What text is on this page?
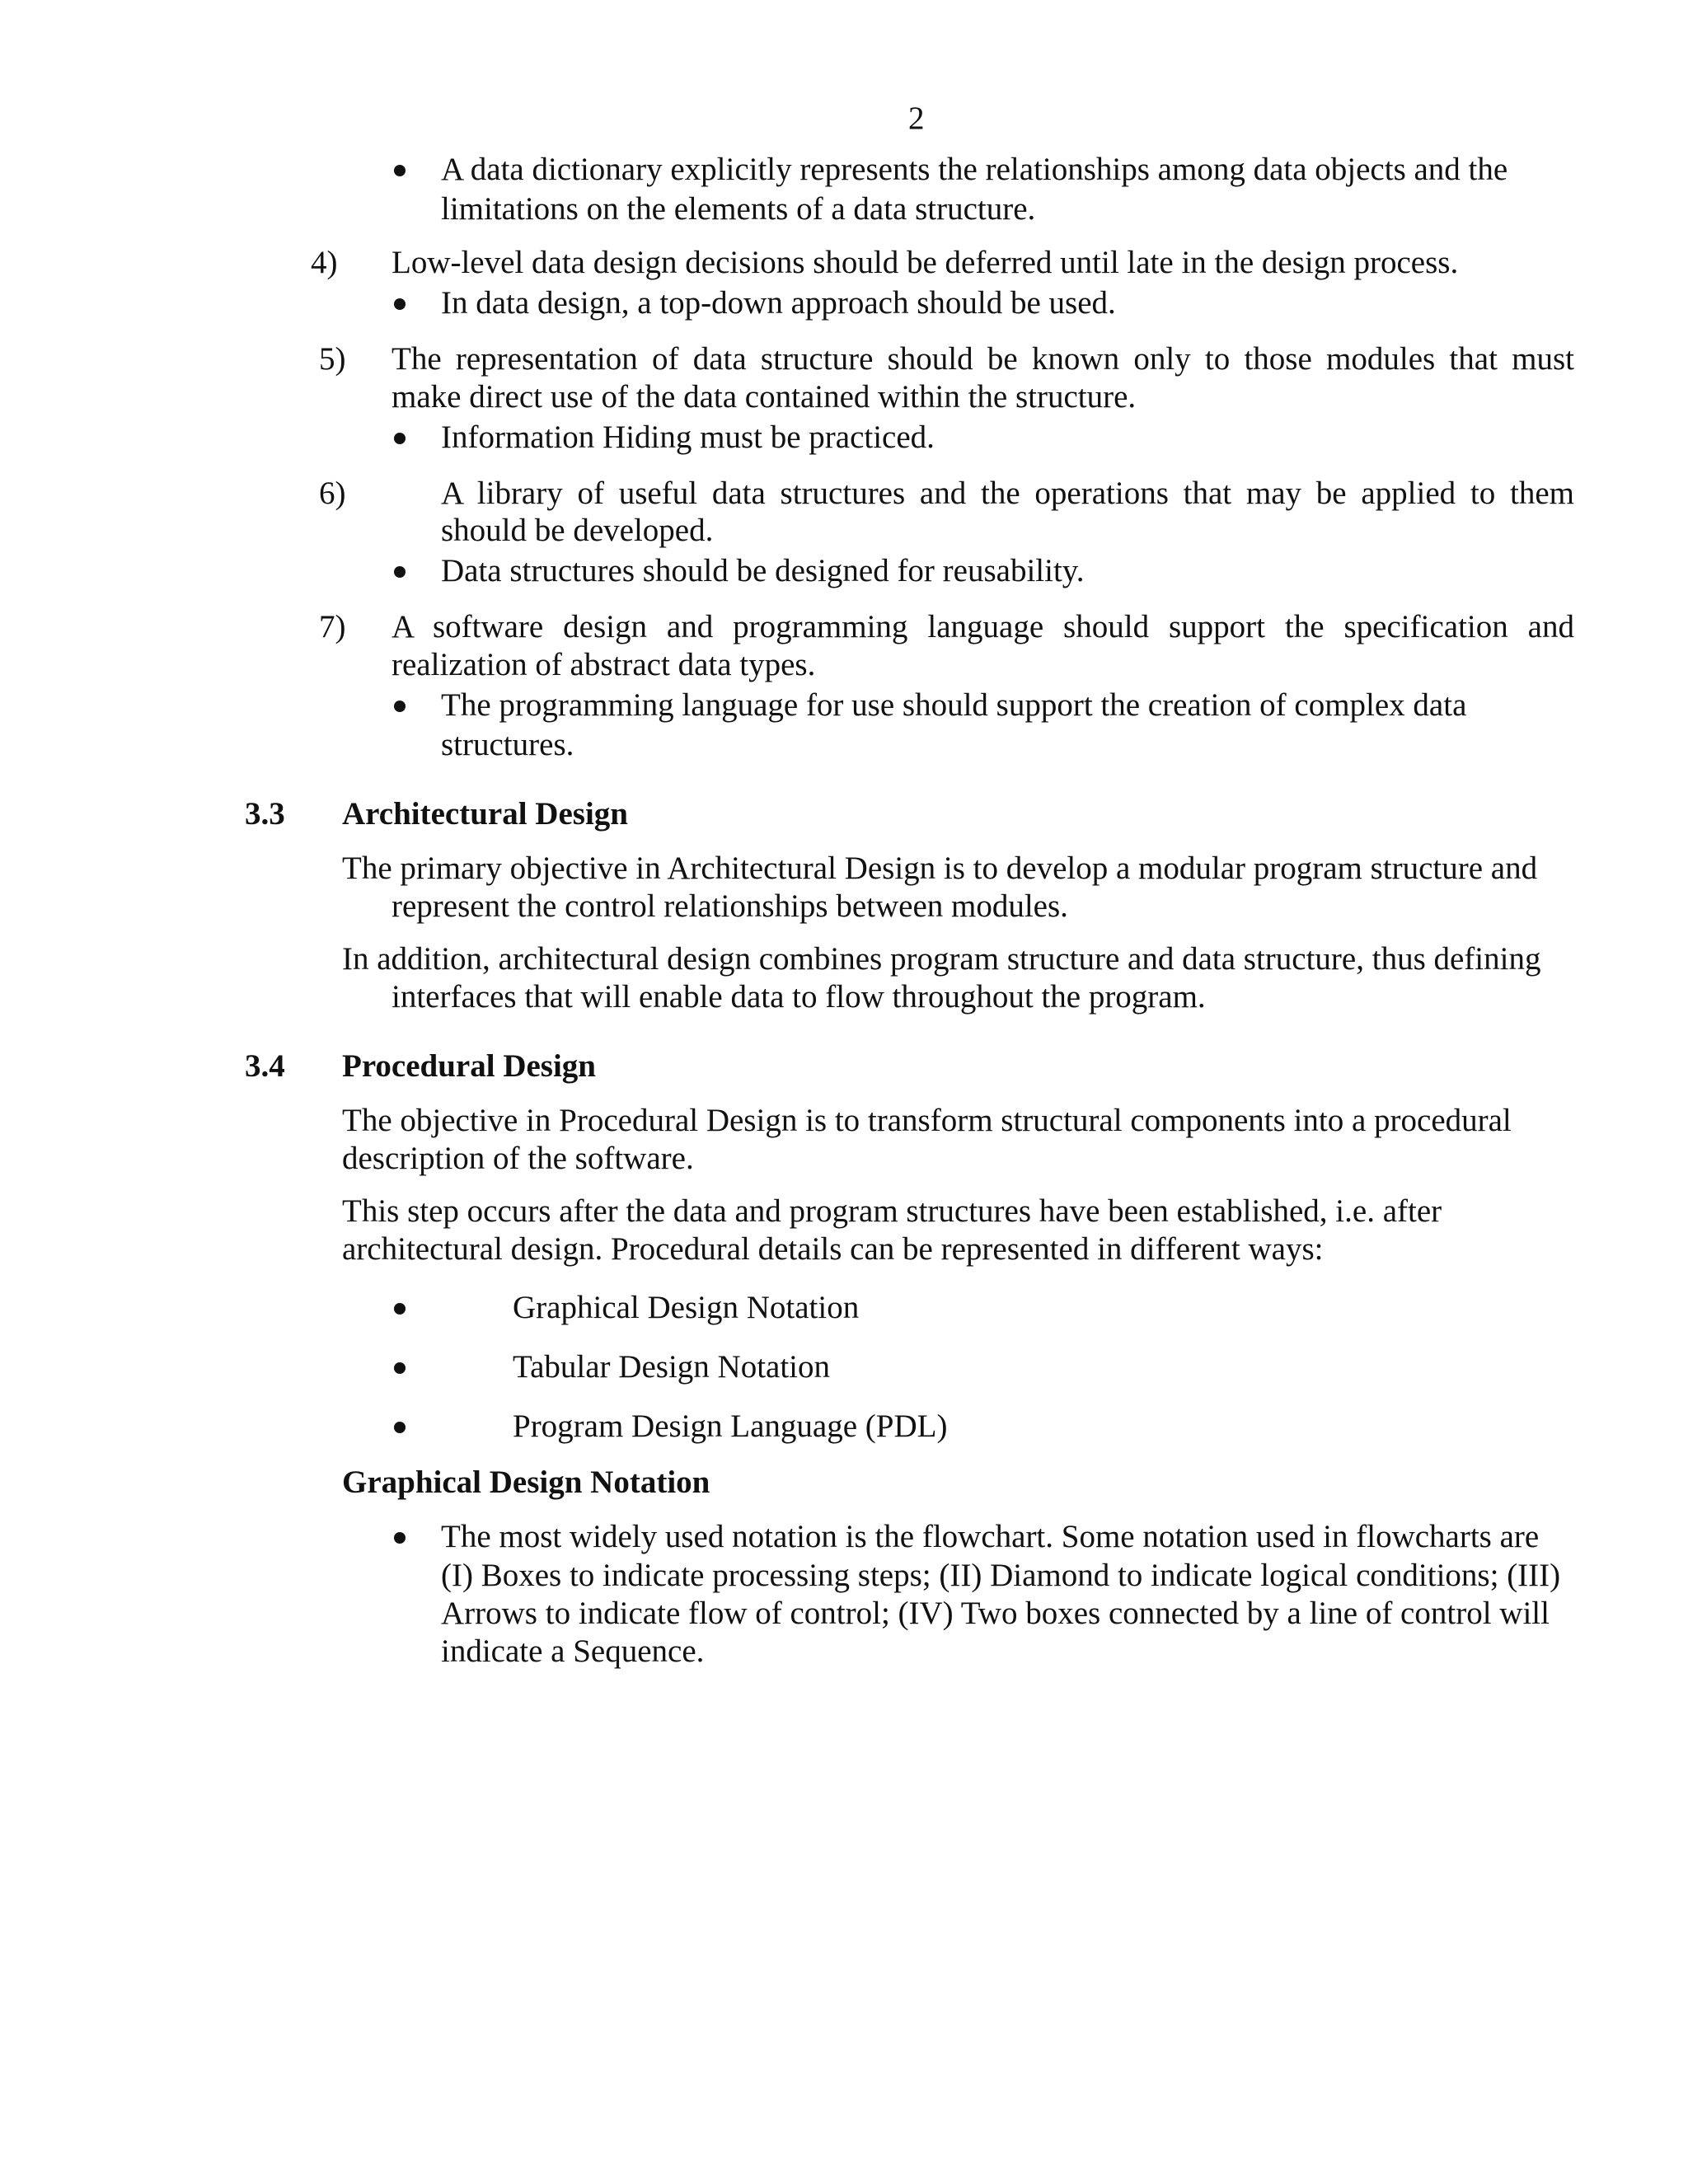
2
A data dictionary explicitly represents the relationships among data objects and the
limitations on the elements of a data structure.
4) Low-level data design decisions should be deferred until late in the design process.
In data design, a top-down approach should be used.
5) The representation of data structure should be known only to those modules that must
make direct use of the data contained within the structure.
Information Hiding must be practiced.
6)	A library of useful data structures and the operations that may be applied to them
should be developed.
Data structures should be designed for reusability.
7) A software design and programming language should support the specification and
realization of abstract data types.
The programming language for use should support the creation of complex data
structures.
3.3 Architectural Design
The primary objective in Architectural Design is to develop a modular program structure and
represent the control relationships between modules.
In addition, architectural design combines program structure and data structure, thus defining
interfaces that will enable data to flow throughout the program.
3.4 Procedural Design
The objective in Procedural Design is to transform structural components into a procedural
description of the software.
This step occurs after the data and program structures have been established, i.e. after
architectural design. Procedural details can be represented in different ways:
Graphical Design Notation
Tabular Design Notation
Program Design Language (PDL)
Graphical Design Notation
The most widely used notation is the flowchart. Some notation used in flowcharts are
(I) Boxes to indicate processing steps; (II) Diamond to indicate logical conditions; (III)
Arrows to indicate flow of control; (IV) Two boxes connected by a line of control will
indicate a Sequence.
